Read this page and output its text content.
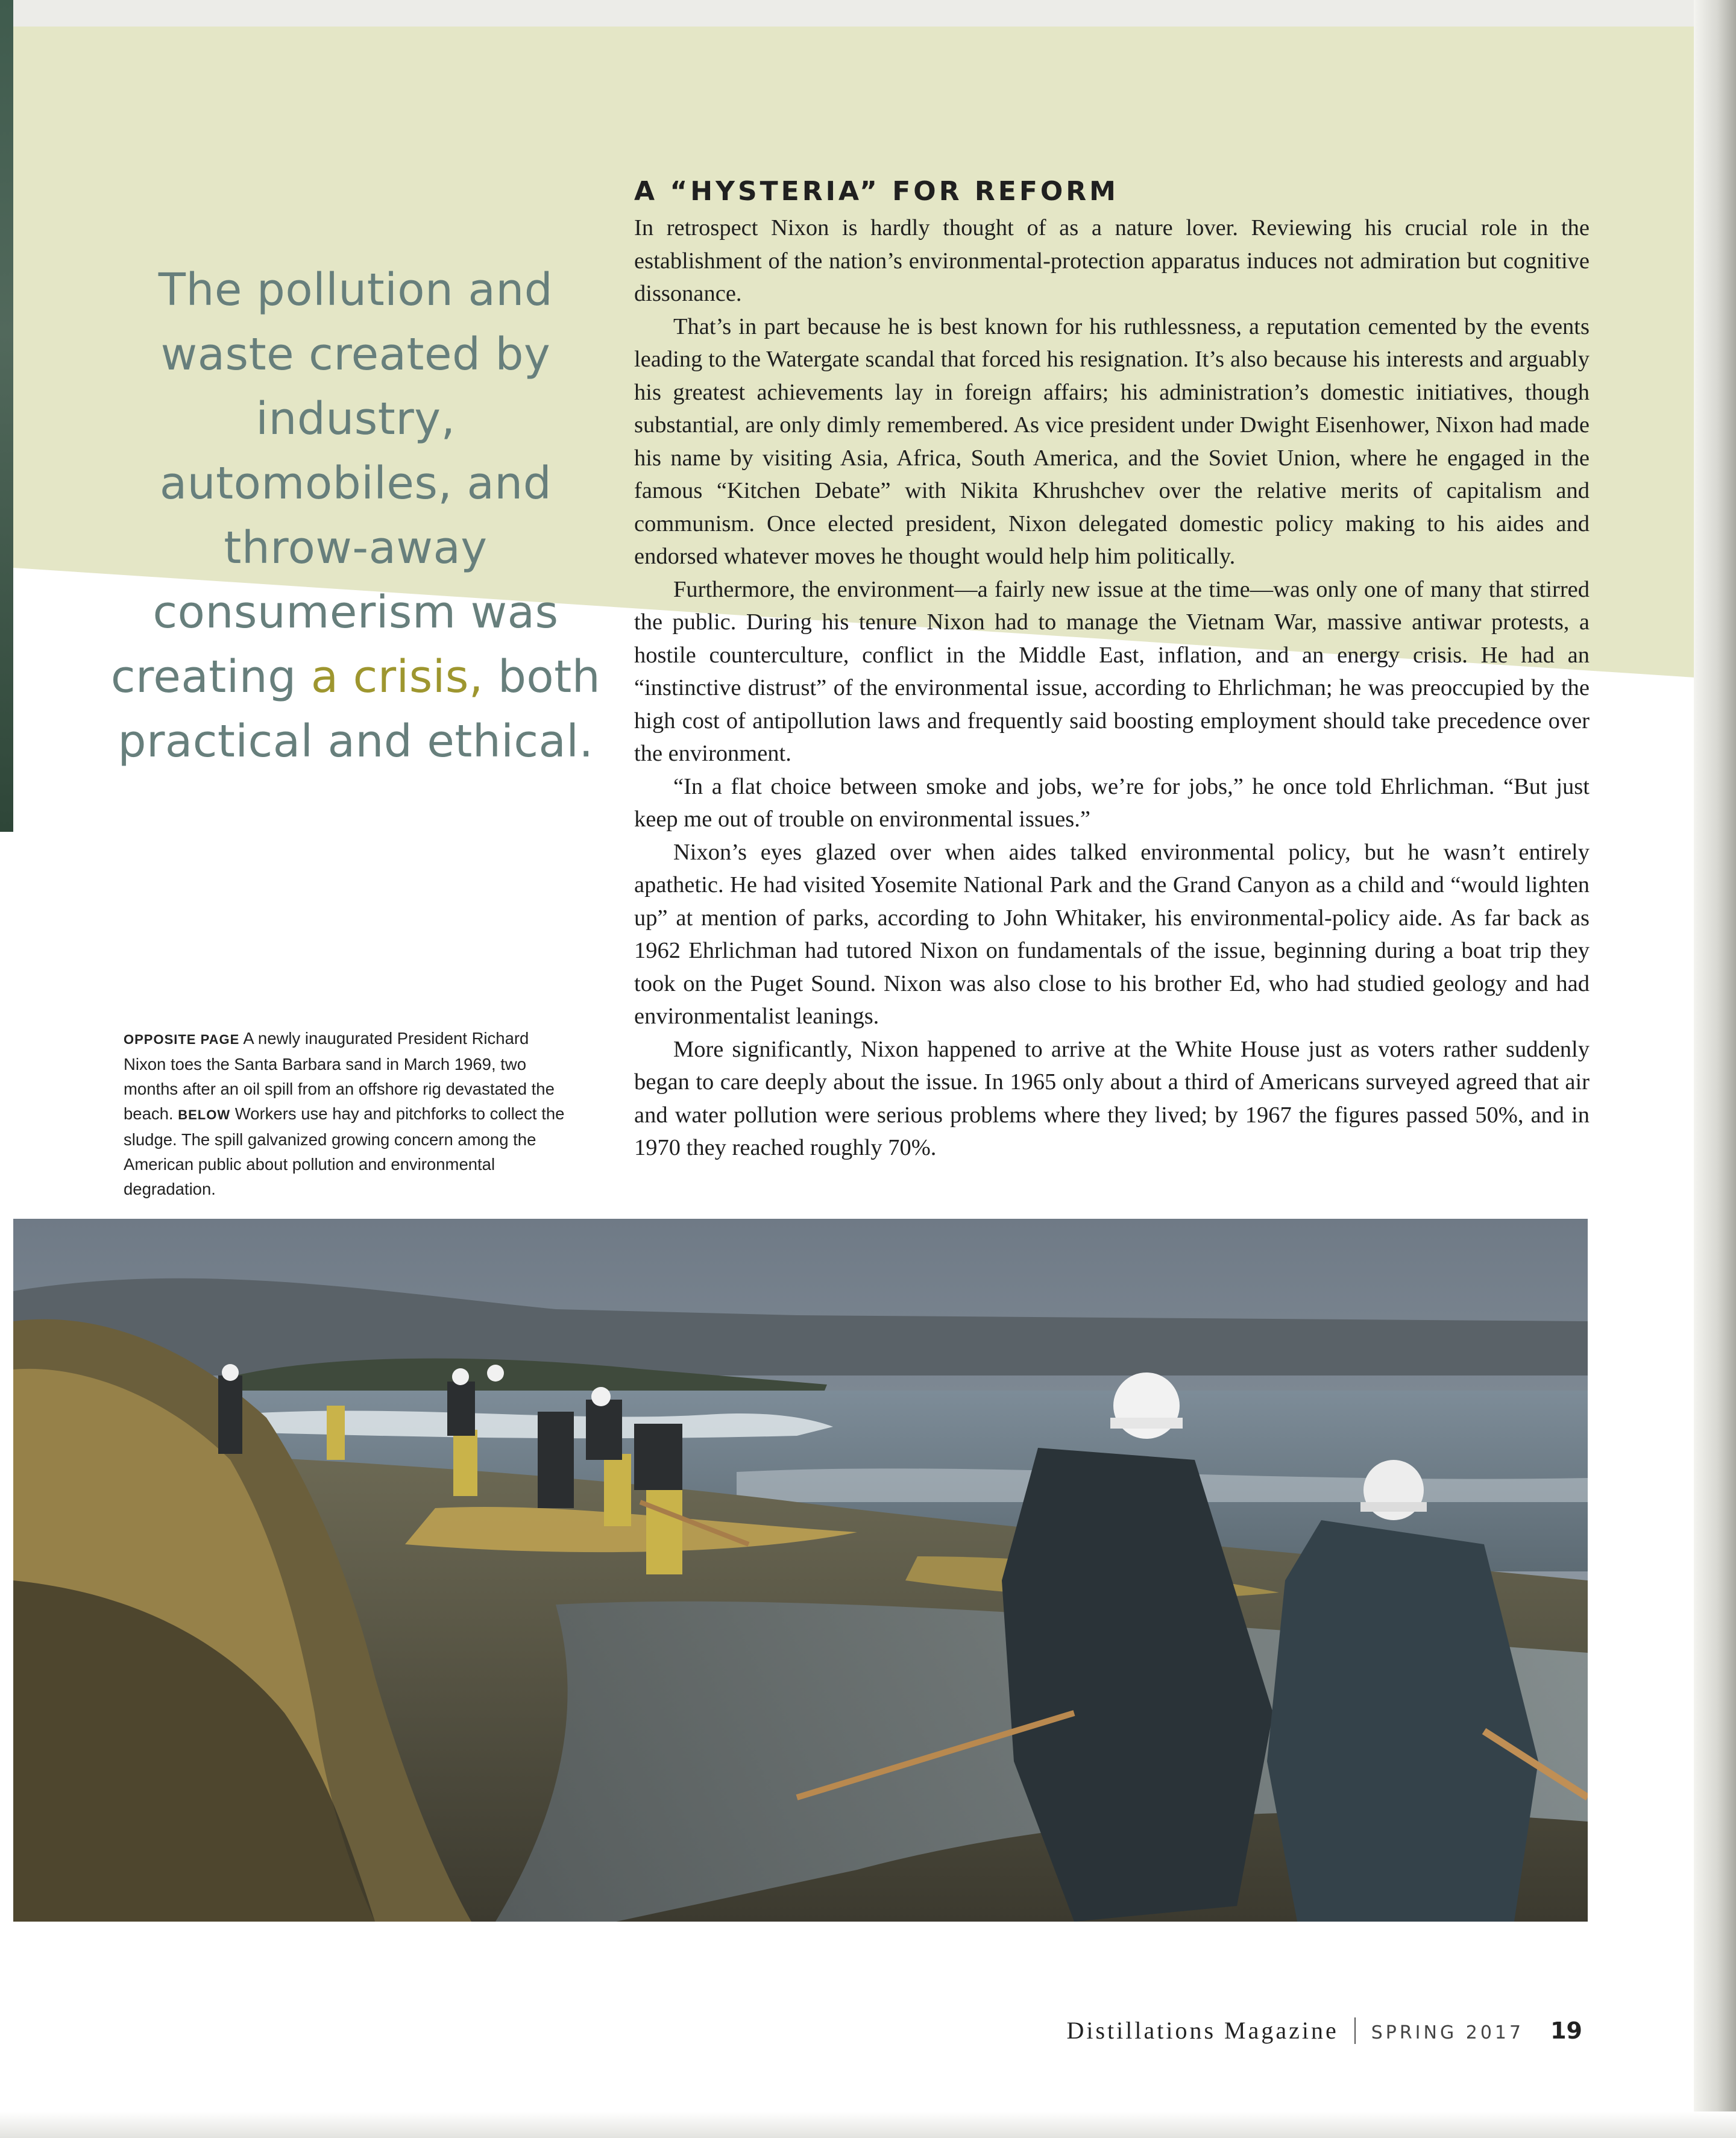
The pollution and waste created by industry, automobiles, and throw-away consumerism was creating a crisis, both practical and ethical.
A “HYSTERIA” FOR REFORM

In retrospect Nixon is hardly thought of as a nature lover. Reviewing his crucial role in the establishment of the nation’s environmental-protection apparatus induces not admiration but cognitive dissonance.

That’s in part because he is best known for his ruthlessness, a reputation cemented by the events leading to the Watergate scandal that forced his resignation. It’s also because his interests and arguably his greatest achievements lay in foreign affairs; his administration’s domestic initiatives, though substantial, are only dimly remembered. As vice president under Dwight Eisenhower, Nixon had made his name by visiting Asia, Africa, South America, and the Soviet Union, where he engaged in the famous “Kitchen Debate” with Nikita Khrushchev over the relative merits of capitalism and communism. Once elected president, Nixon delegated domestic policy making to his aides and endorsed whatever moves he thought would help him politically.

Furthermore, the environment—a fairly new issue at the time—was only one of many that stirred the public. During his tenure Nixon had to manage the Vietnam War, massive antiwar protests, a hostile counterculture, conflict in the Middle East, inflation, and an energy crisis. He had an “instinctive distrust” of the environmental issue, according to Ehrlichman; he was preoccupied by the high cost of antipollution laws and frequently said boosting employment should take precedence over the environment.

“In a flat choice between smoke and jobs, we’re for jobs,” he once told Ehrlichman. “But just keep me out of trouble on environmental issues.”

Nixon’s eyes glazed over when aides talked environmental policy, but he wasn’t entirely apathetic. He had visited Yosemite National Park and the Grand Canyon as a child and “would lighten up” at mention of parks, according to John Whitaker, his environmental-policy aide. As far back as 1962 Ehrlichman had tutored Nixon on fundamentals of the issue, beginning during a boat trip they took on the Puget Sound. Nixon was also close to his brother Ed, who had studied geology and had environmentalist leanings.

More significantly, Nixon happened to arrive at the White House just as voters rather suddenly began to care deeply about the issue. In 1965 only about a third of Americans surveyed agreed that air and water pollution were serious problems where they lived; by 1967 the figures passed 50%, and in 1970 they reached roughly 70%.

OPPOSITE PAGE A newly inaugurated President Richard Nixon toes the Santa Barbara sand in March 1969, two months after an oil spill from an offshore rig devastated the beach. BELOW Workers use hay and pitchforks to collect the sludge. The spill galvanized growing concern among the American public about pollution and environmental degradation.
Distillations Magazine SPRING 2017 19
